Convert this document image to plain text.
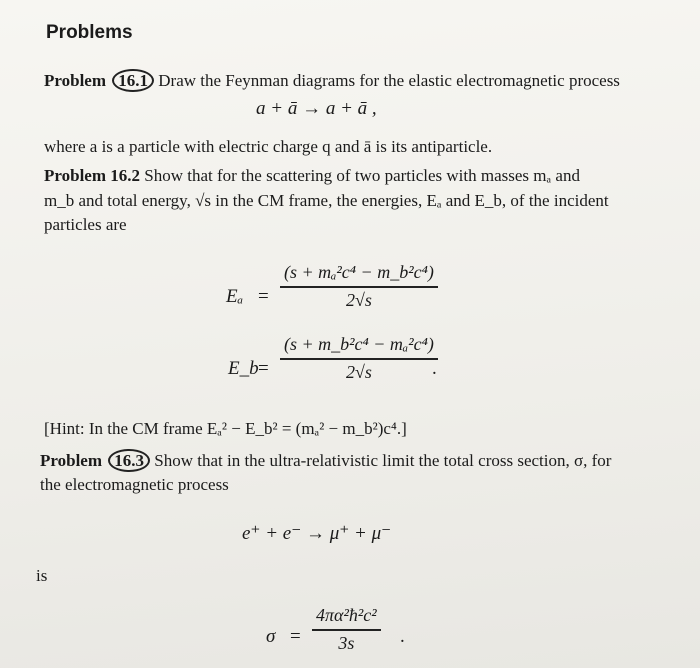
Problems
Problem 16.1 Draw the Feynman diagrams for the elastic electromagnetic process
a + ā → a + ā ,
where a is a particle with electric charge q and ā is its antiparticle.
Problem 16.2 Show that for the scattering of two particles with masses mₐ and
m_b and total energy, √s in the CM frame, the energies, Eₐ and E_b, of the incident
particles are
Eₐ =
(s + mₐ²c⁴ − m_b²c⁴)
2√s
E_b =
(s + m_b²c⁴ − mₐ²c⁴)
2√s	.
[Hint: In the CM frame Eₐ² − E_b² = (mₐ² − m_b²)c⁴.]
Problem 16.3 Show that in the ultra-relativistic limit the total cross section, σ, for
the electromagnetic process
e⁺ + e⁻ → μ⁺ + μ⁻
is
σ =
4πα²ħ²c²
3s .
